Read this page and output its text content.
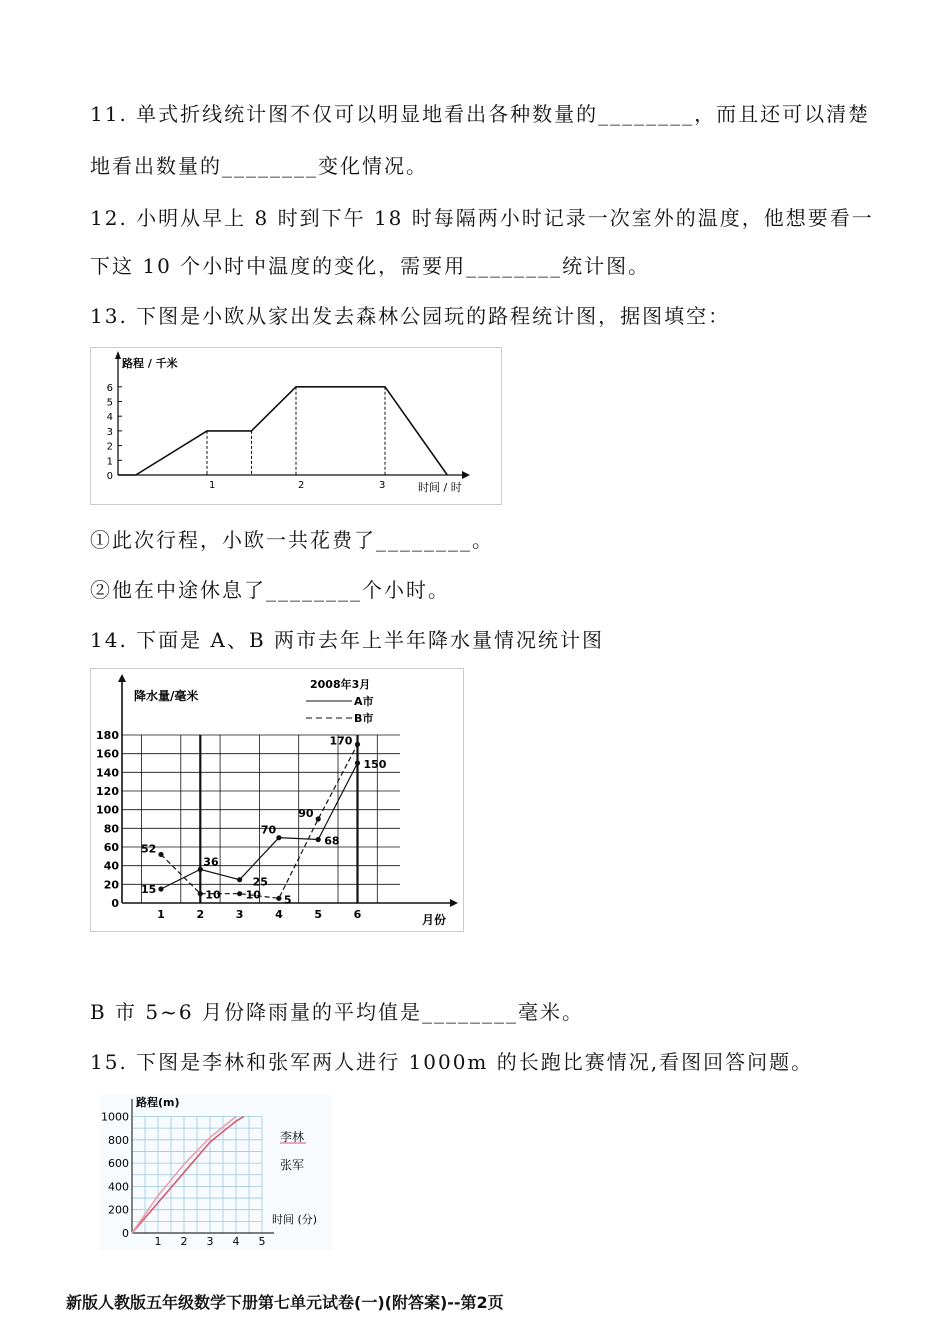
11. 单式折线统计图不仅可以明显地看出各种数量的________，而且还可以清楚
地看出数量的________变化情况。
12. 小明从早上 8 时到下午 18 时每隔两小时记录一次室外的温度，他想要看一
下这 10 个小时中温度的变化，需要用________统计图。
13. 下图是小欧从家出发去森林公园玩的路程统计图，据图填空：
路程 / 千米
时间 / 时
0
1
2
3
4
5
6
1	2	3
①此次行程，小欧一共花费了________。
②他在中途休息了________个小时。
14. 下面是 A、B 两市去年上半年降水量情况统计图
0
20
40
60
80
100
120
140
160
180
降水量/毫米
月份
1	2	3	4	5	6
2008年3月
A市
B市
15
36
25
70
68
150
52
10 10 5
90
170
B 市 5~6 月份降雨量的平均值是________毫米。
15. 下图是李林和张军两人进行 1000m 的长跑比赛情况,看图回答问题。
路程(m)
时间 (分)
0
200
400
600
800
1000
1 2 3 4 5
李林
张军
新版人教版五年级数学下册第七单元试卷(一)(附答案)--第2页
